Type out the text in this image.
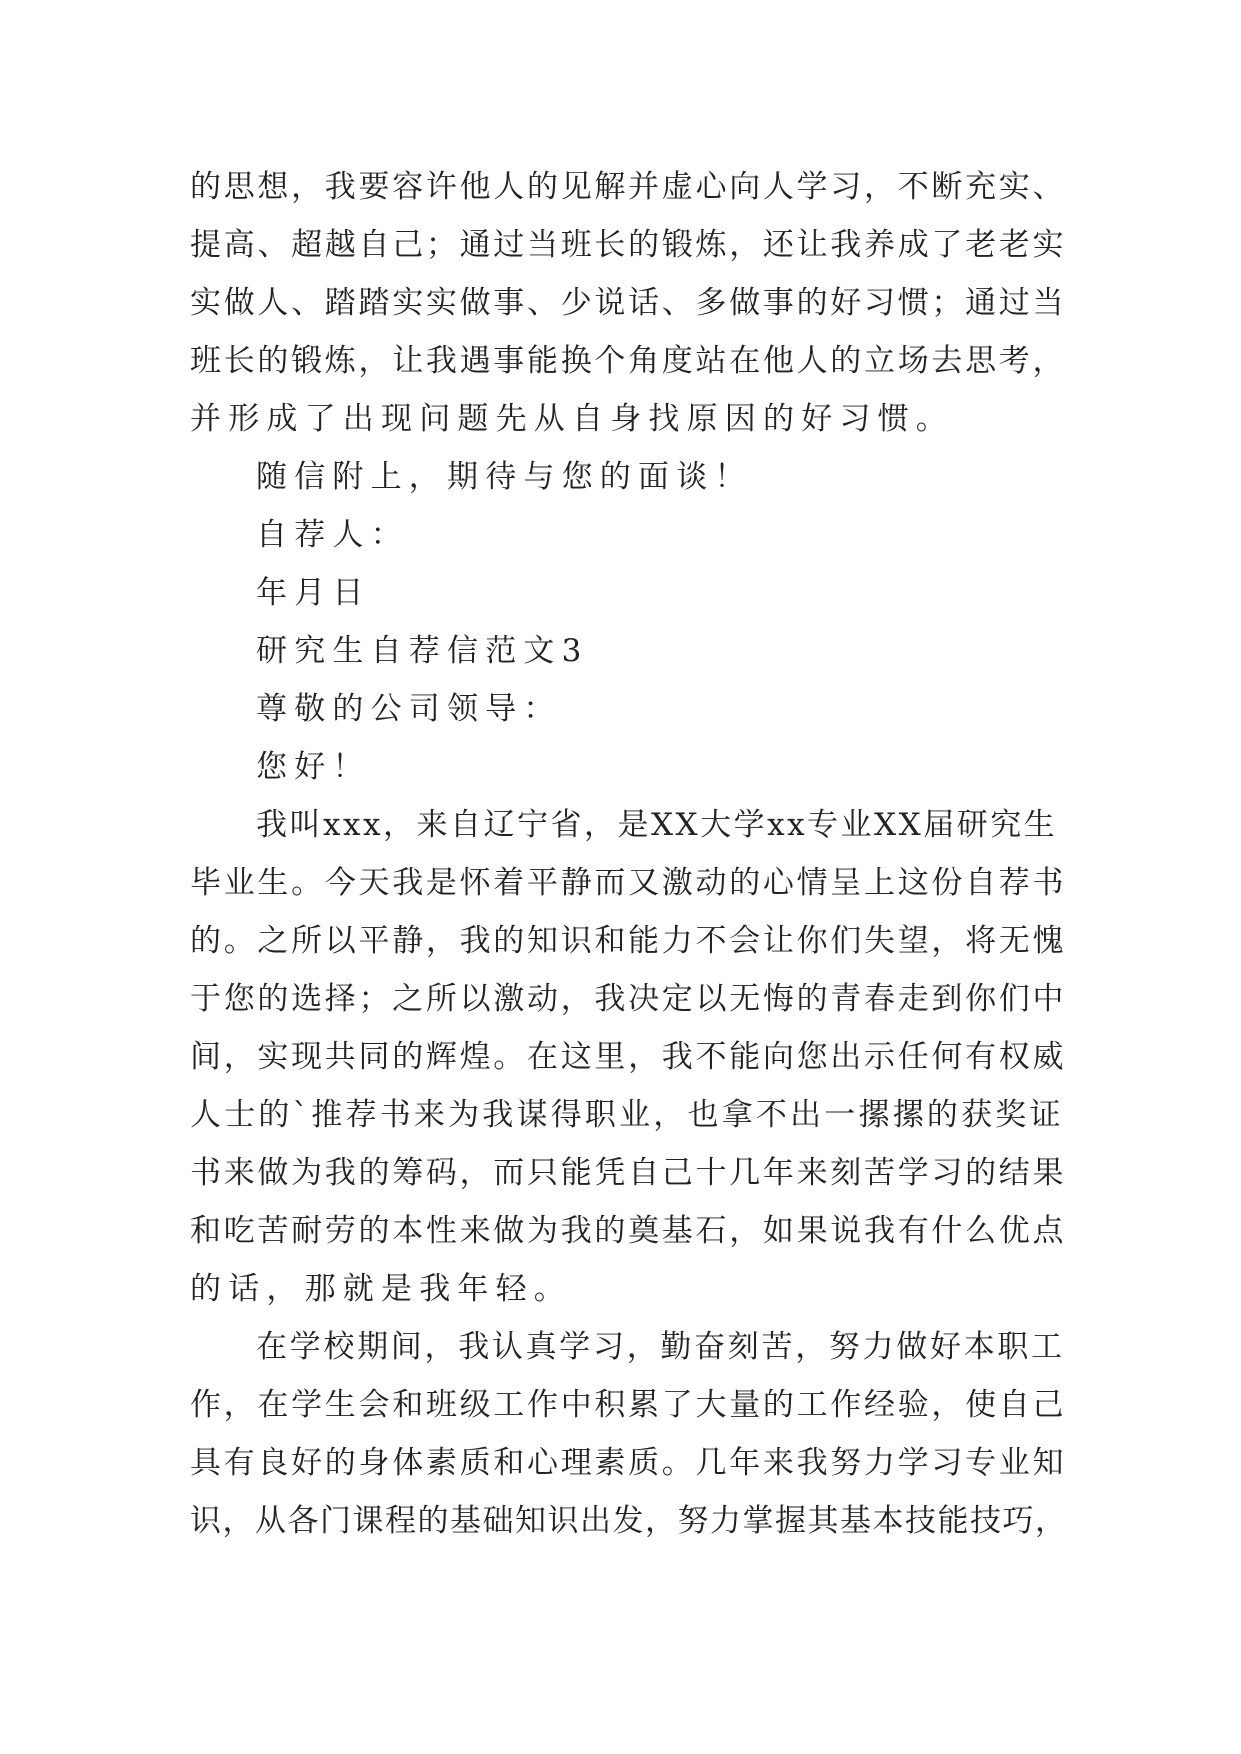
的思想，我要容许他人的见解并虚心向人学习，不断充实、
提高、超越自己；通过当班长的锻炼，还让我养成了老老实
实做人、踏踏实实做事、少说话、多做事的好习惯；通过当
班长的锻炼，让我遇事能换个角度站在他人的立场去思考，
并形成了出现问题先从自身找原因的好习惯。
随信附上，期待与您的面谈！
自荐人：
年月日
研究生自荐信范文3
尊敬的公司领导：
您好！
我叫xxx，来自辽宁省，是XX大学xx专业XX届研究生
毕业生。今天我是怀着平静而又激动的心情呈上这份自荐书
的。之所以平静，我的知识和能力不会让你们失望，将无愧
于您的选择；之所以激动，我决定以无悔的青春走到你们中
间，实现共同的辉煌。在这里，我不能向您出示任何有权威
人士的`推荐书来为我谋得职业，也拿不出一摞摞的获奖证
书来做为我的筹码，而只能凭自己十几年来刻苦学习的结果
和吃苦耐劳的本性来做为我的奠基石，如果说我有什么优点
的话，那就是我年轻。
在学校期间，我认真学习，勤奋刻苦，努力做好本职工
作，在学生会和班级工作中积累了大量的工作经验，使自己
具有良好的身体素质和心理素质。几年来我努力学习专业知
识，从各门课程的基础知识出发，努力掌握其基本技能技巧，
